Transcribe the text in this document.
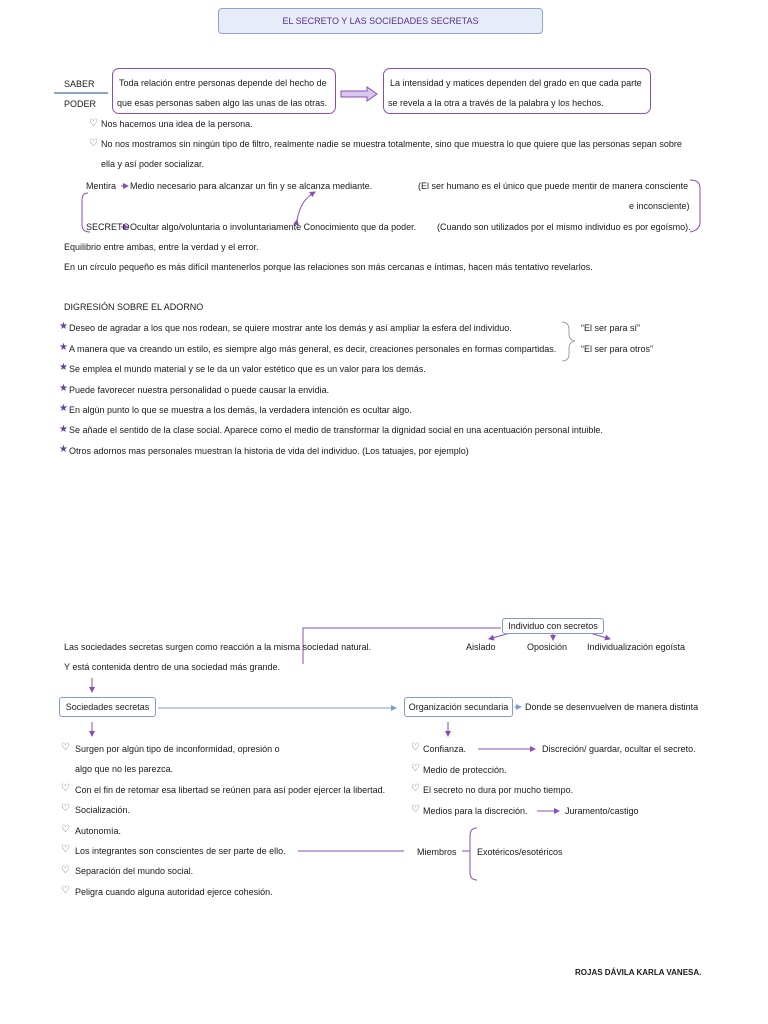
EL SECRETO Y LAS SOCIEDADES SECRETAS
SABER
PODER
Toda relación entre personas depende del hecho de
que esas personas saben algo las unas de las otras.
La intensidad y matices dependen del grado en que cada parte
se revela a la otra a través de la palabra y los hechos.
♡ Nos hacemos una idea de la persona.
♡ No nos mostramos sin ningún tipo de filtro, realmente nadie se muestra totalmente, sino que muestra lo que quiere que las personas sepan sobre
ella y así poder socializar.
Mentira Medio necesario para alcanzar un fin y se alcanza mediante.
SECRETO Ocultar algo/voluntaria o involuntariamente Conocimiento que da poder.
(El ser humano es el único que puede mentir de manera consciente
e inconsciente)
(Cuando son utilizados por el mismo individuo es por egoísmo).
Equilibrio entre ambas, entre la verdad y el error.
En un círculo pequeño es más difícil mantenerlos porque las relaciones son más cercanas e íntimas, hacen más tentativo revelarlos.
DIGRESIÓN SOBRE EL ADORNO
★ Deseo de agradar a los que nos rodean, se quiere mostrar ante los demás y así ampliar la esfera del individuo.
★ A manera que va creando un estilo, es siempre algo más general, es decir, creaciones personales en formas compartidas.
★ Se emplea el mundo material y se le da un valor estético que es un valor para los demás.
★ Puede favorecer nuestra personalidad o puede causar la envidia.
★ En algún punto lo que se muestra a los demás, la verdadera intención es ocultar algo.
★ Se añade el sentido de la clase social. Aparece como el medio de transformar la dignidad social en una acentuación personal intuible.
★ Otros adornos mas personales muestran la historia de vida del individuo. (Los tatuajes, por ejemplo)
“El ser para sí”
“El ser para otros”
Individuo con secretos
Aislado	Oposición Individualización egoísta
Las sociedades secretas surgen como reacción a la misma sociedad natural.
Y está contenida dentro de una sociedad más grande.
Sociedades secretas	Organización secundaria	Donde se desenvuelven de manera distinta
♡ Surgen por algún tipo de inconformidad, opresión o
algo que no les parezca.
♡ Con el fin de retomar esa libertad se reúnen para así poder ejercer la libertad.
♡ Socialización.
♡ Autonomía.
♡ Los integrantes son conscientes de ser parte de ello.
♡ Separación del mundo social.
♡ Peligra cuando alguna autoridad ejerce cohesión.
♡ Confianza.	Discreción/ guardar, ocultar el secreto.
♡ Medio de protección.
♡ El secreto no dura por mucho tiempo.
♡ Medios para la discreción.	Juramento/castigo
Miembros Exotéricos/esotéricos
ROJAS DÁVILA KARLA VANESA.
